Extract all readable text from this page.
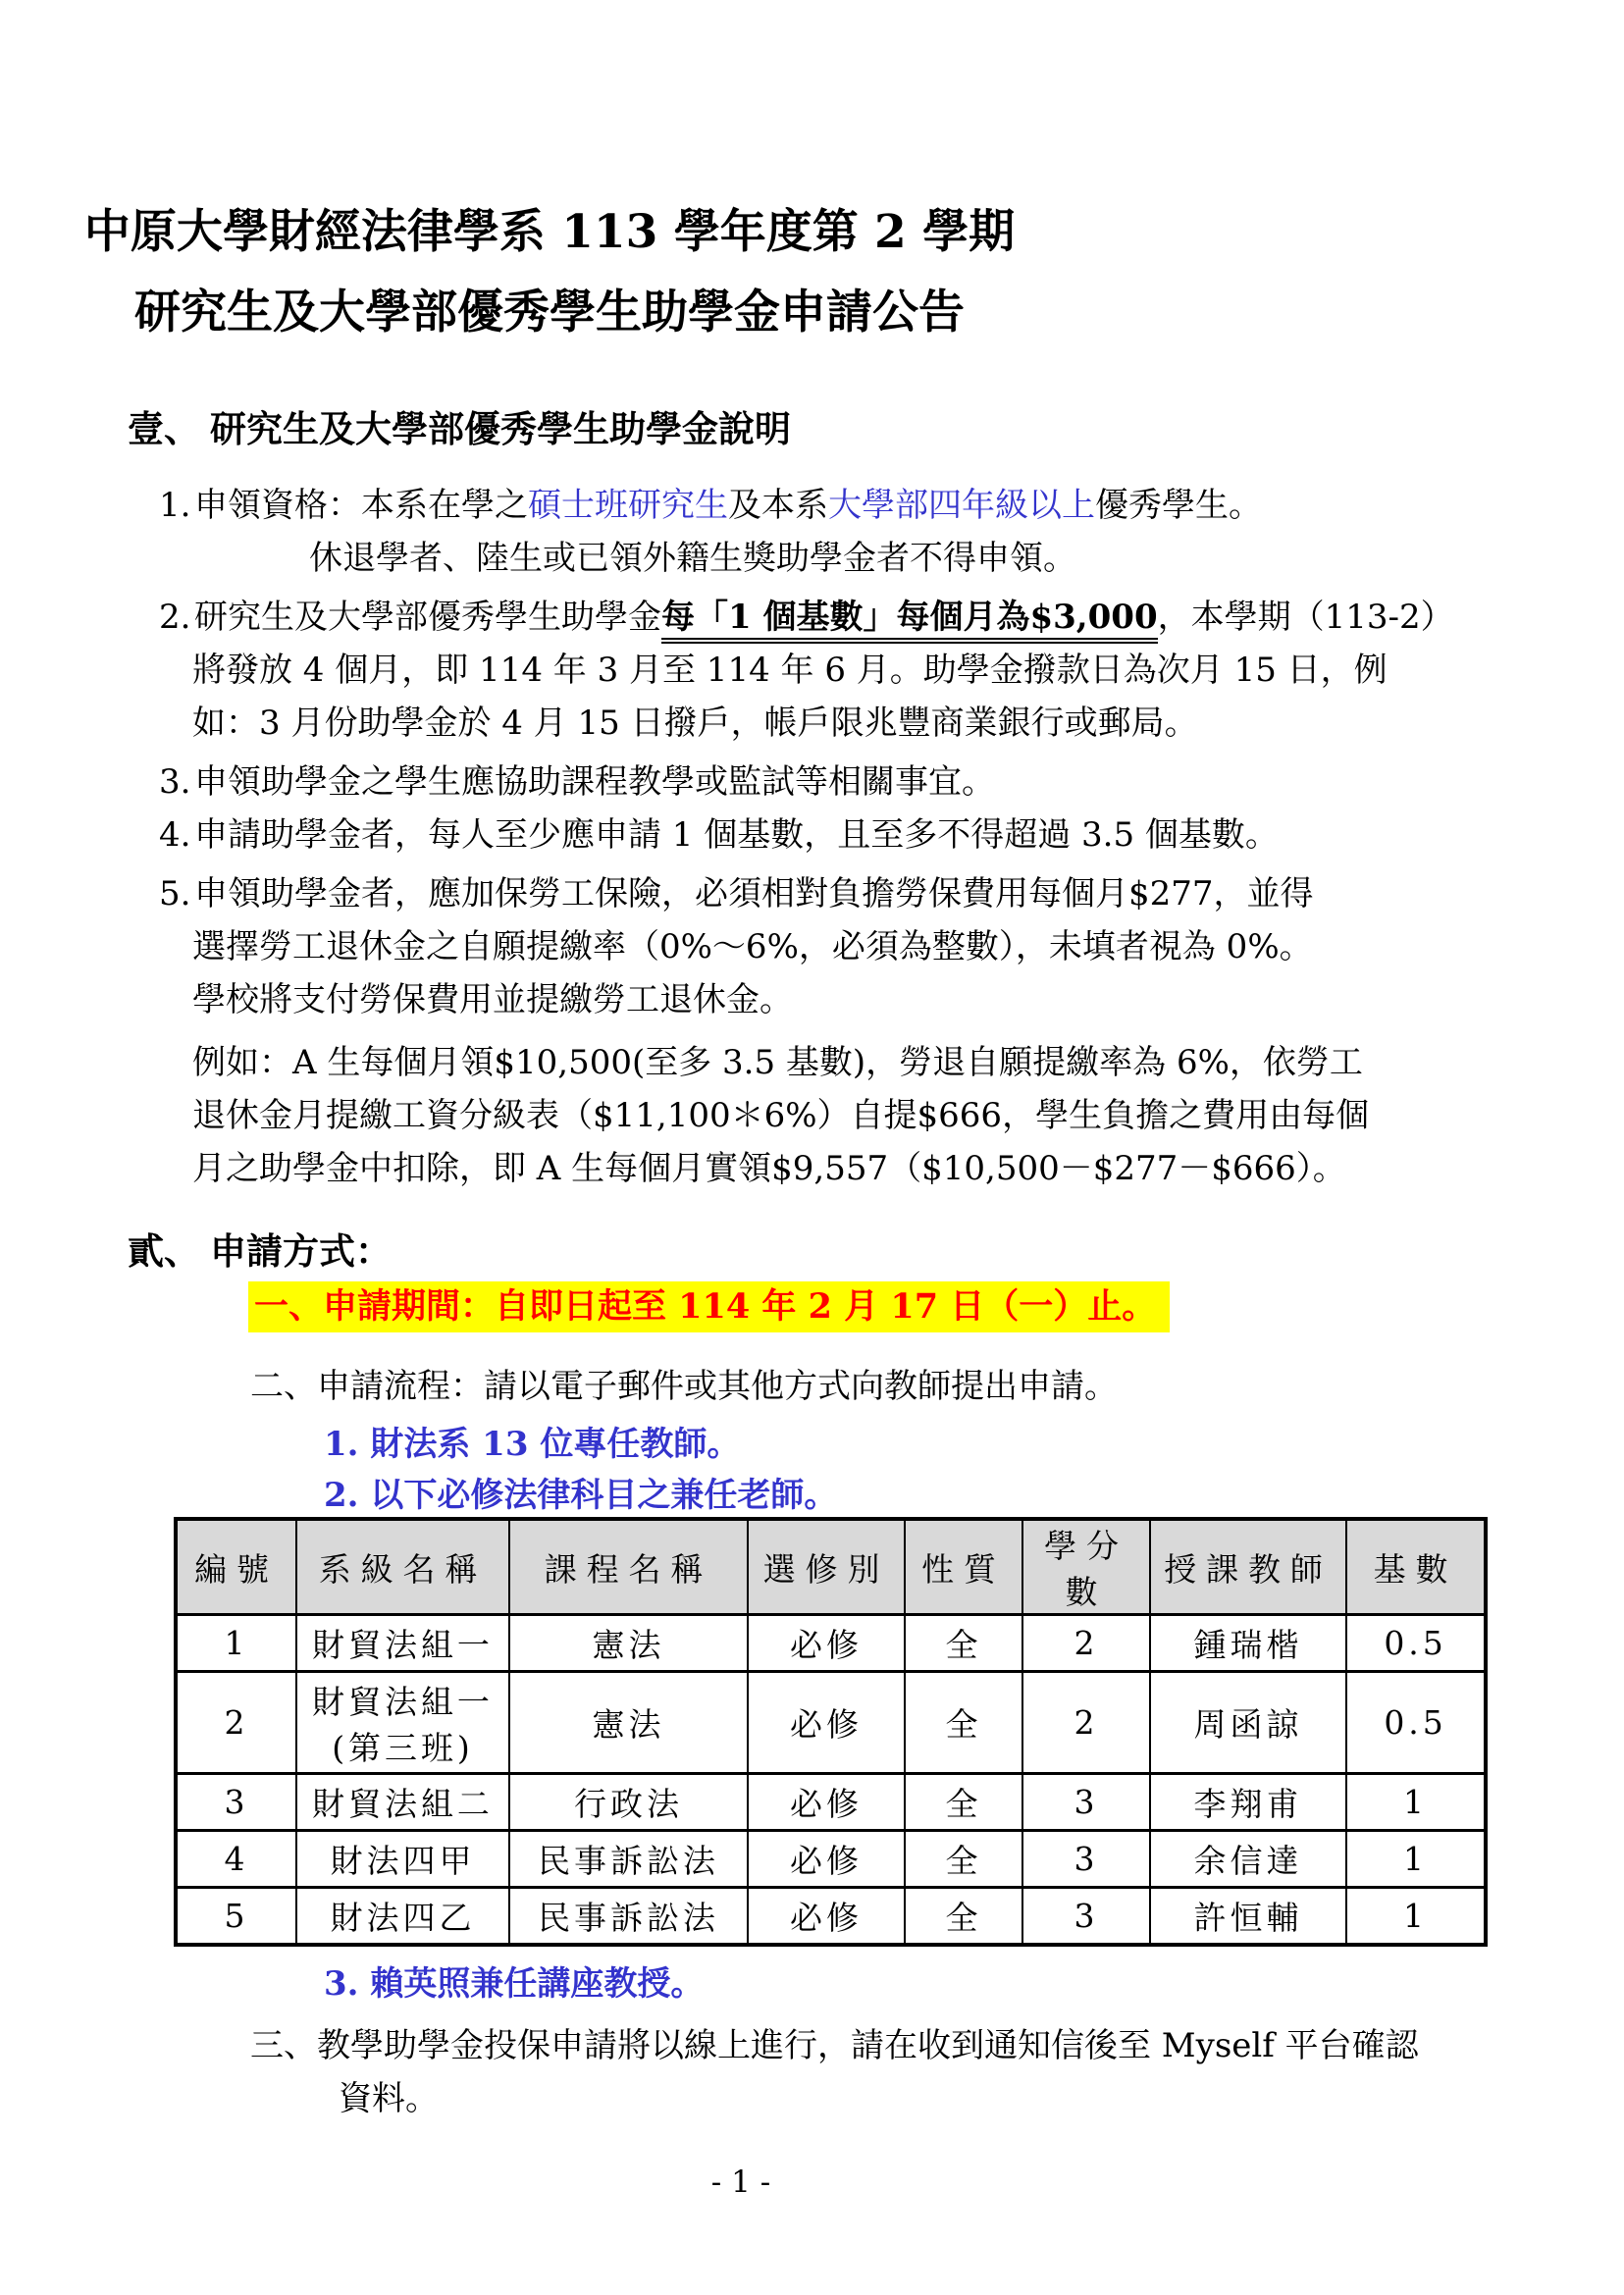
中原大學財經法律學系 113 學年度第 2 學期
研究生及大學部優秀學生助學金申請公告
壹、 研究生及大學部優秀學生助學金說明
1. 申領資格：本系在學之碩士班研究生及本系大學部四年級以上優秀學生。
休退學者、陸生或已領外籍生獎助學金者不得申領。
2. 研究生及大學部優秀學生助學金每「1 個基數」每個月為$3,000，本學期（113-2）
將發放 4 個月，即 114 年 3 月至 114 年 6 月。助學金撥款日為次月 15 日，例
如：3 月份助學金於 4 月 15 日撥戶，帳戶限兆豐商業銀行或郵局。
3. 申領助學金之學生應協助課程教學或監試等相關事宜。
4. 申請助學金者，每人至少應申請 1 個基數，且至多不得超過 3.5 個基數。
5. 申領助學金者，應加保勞工保險，必須相對負擔勞保費用每個月$277，並得
選擇勞工退休金之自願提繳率（0%～6%，必須為整數），未填者視為 0%。
學校將支付勞保費用並提繳勞工退休金。
例如：A 生每個月領$10,500(至多 3.5 基數)，勞退自願提繳率為 6%，依勞工
退休金月提繳工資分級表（$11,100＊6%）自提$666，學生負擔之費用由每個
月之助學金中扣除，即 A 生每個月實領$9,557（$10,500－$277－$666）。
貳、 申請方式：
一、申請期間：自即日起至 114 年 2 月 17 日（一）止。
二、申請流程：請以電子郵件或其他方式向教師提出申請。
1. 財法系 13 位專任教師。
2. 以下必修法律科目之兼任老師。
編號	系級名稱	課程名稱	選修別	性質	學分數	授課教師	基數
1	財貿法組一	憲法	必修	全	2	鍾瑞楷	0.5
2	財貿法組一
(第三班)	憲法	必修	全	2	周函諒	0.5
3	財貿法組二	行政法	必修	全	3	李翔甫	1
4	財法四甲	民事訴訟法	必修	全	3	余信達	1
5	財法四乙	民事訴訟法	必修	全	3	許恒輔	1
3. 賴英照兼任講座教授。
三、教學助學金投保申請將以線上進行，請在收到通知信後至 Myself 平台確認
資料。
- 1 -
